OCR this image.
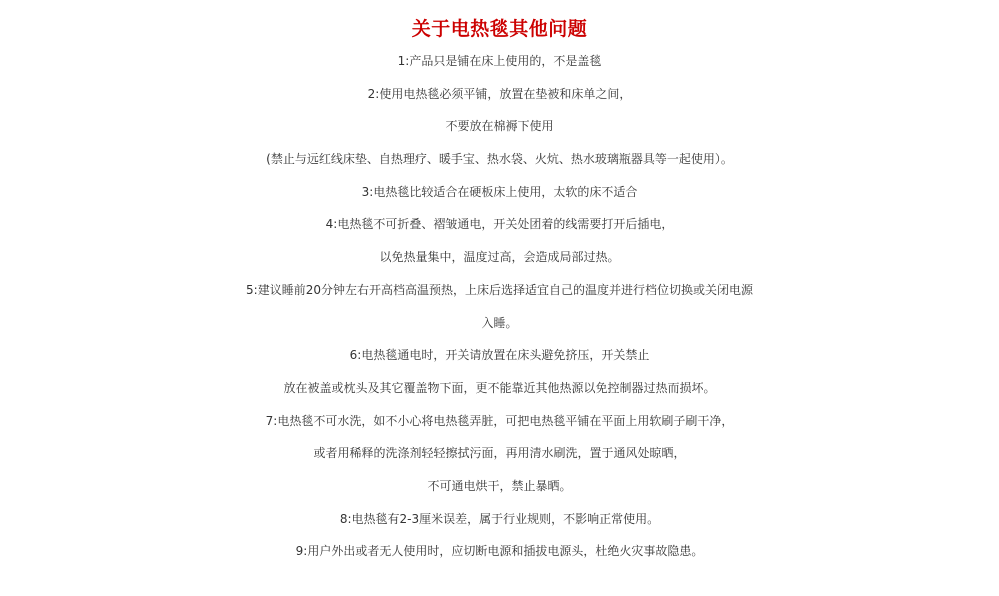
关于电热毯其他问题
1:产品只是铺在床上使用的，不是盖毯
2:使用电热毯必须平铺，放置在垫被和床单之间，
不要放在棉褥下使用
(禁止与远红线床垫、自热理疗、暖手宝、热水袋、火炕、热水玻璃瓶器具等一起使用）。
3:电热毯比较适合在硬板床上使用，太软的床不适合
4:电热毯不可折叠、褶皱通电，开关处团着的线需要打开后插电，
以免热量集中，温度过高，会造成局部过热。
5:建议睡前20分钟左右开高档高温预热，上床后选择适宜自己的温度并进行档位切换或关闭电源
入睡。
6:电热毯通电时，开关请放置在床头避免挤压，开关禁止
放在被盖或枕头及其它覆盖物下面，更不能靠近其他热源以免控制器过热而损坏。
7:电热毯不可水洗，如不小心将电热毯弄脏，可把电热毯平铺在平面上用软刷子刷干净，
或者用稀释的洗涤剂轻轻擦拭污面，再用清水刷洗，置于通风处晾晒，
不可通电烘干，禁止暴晒。
8:电热毯有2-3厘米误差，属于行业规则，不影响正常使用。
9:用户外出或者无人使用时，应切断电源和插拔电源头，杜绝火灾事故隐患。
